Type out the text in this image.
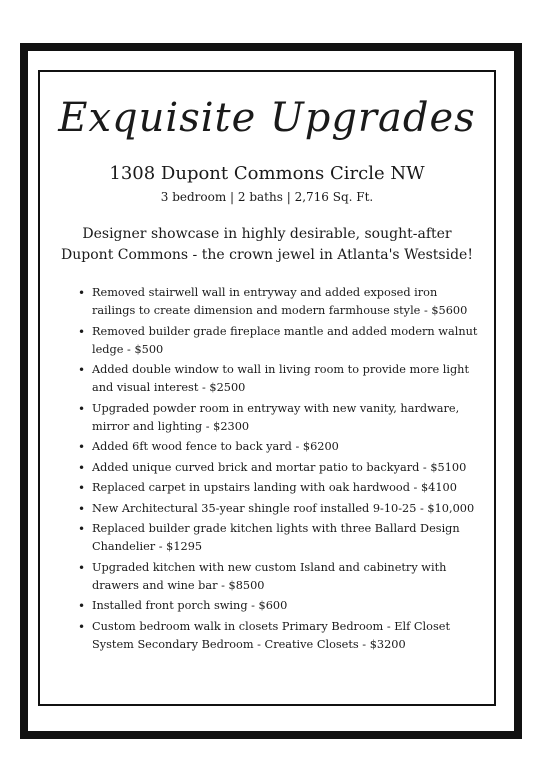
Exquisite Upgrades
1308 Dupont Commons Circle NW
3 bedroom | 2 baths | 2,716 Sq. Ft.
Designer showcase in highly desirable, sought-after Dupont Commons - the crown jewel in Atlanta's Westside!
• Removed stairwell wall in entryway and added exposed iron railings to create dimension and modern farmhouse style - $5600
• Removed builder grade fireplace mantle and added modern walnut ledge - $500
• Added double window to wall in living room to provide more light and visual interest - $2500
• Upgraded powder room in entryway with new vanity, hardware, mirror and lighting - $2300
• Added 6ft wood fence to back yard - $6200
• Added unique curved brick and mortar patio to backyard - $5100
• Replaced carpet in upstairs landing with oak hardwood - $4100
• New Architectural 35-year shingle roof installed 9-10-25 - $10,000
• Replaced builder grade kitchen lights with three Ballard Design Chandelier - $1295
• Upgraded kitchen with new custom Island and cabinetry with drawers and wine bar - $8500
• Installed front porch swing - $600
• Custom bedroom walk in closets Primary Bedroom - Elf Closet System Secondary Bedroom - Creative Closets - $3200
